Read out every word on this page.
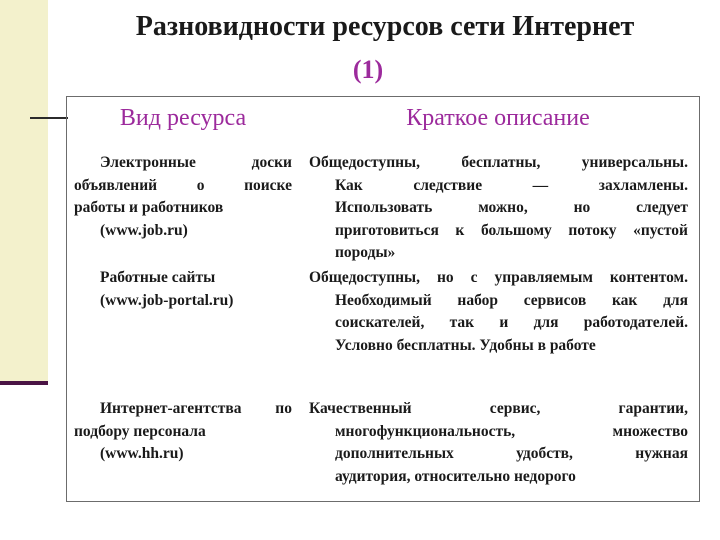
Разновидности ресурсов сети Интернет
(1)
Вид ресурса	Краткое описание
Электронные доски
объявлений о поиске
работы и работников
(www.job.ru)
Общедоступны, бесплатны, универсальны.
Как следствие — захламлены.
Использовать можно, но следует
приготовиться к большому потоку «пустой
породы»
Работные сайты
(www.job-portal.ru)
Общедоступны, но с управляемым контентом.
Необходимый набор сервисов как для
соискателей, так и для работодателей.
Условно бесплатны. Удобны в работе
Интернет-агентства по
подбору персонала
(www.hh.ru)
Качественный сервис, гарантии,
многофункциональность, множество
дополнительных удобств, нужная
аудитория, относительно недорого
